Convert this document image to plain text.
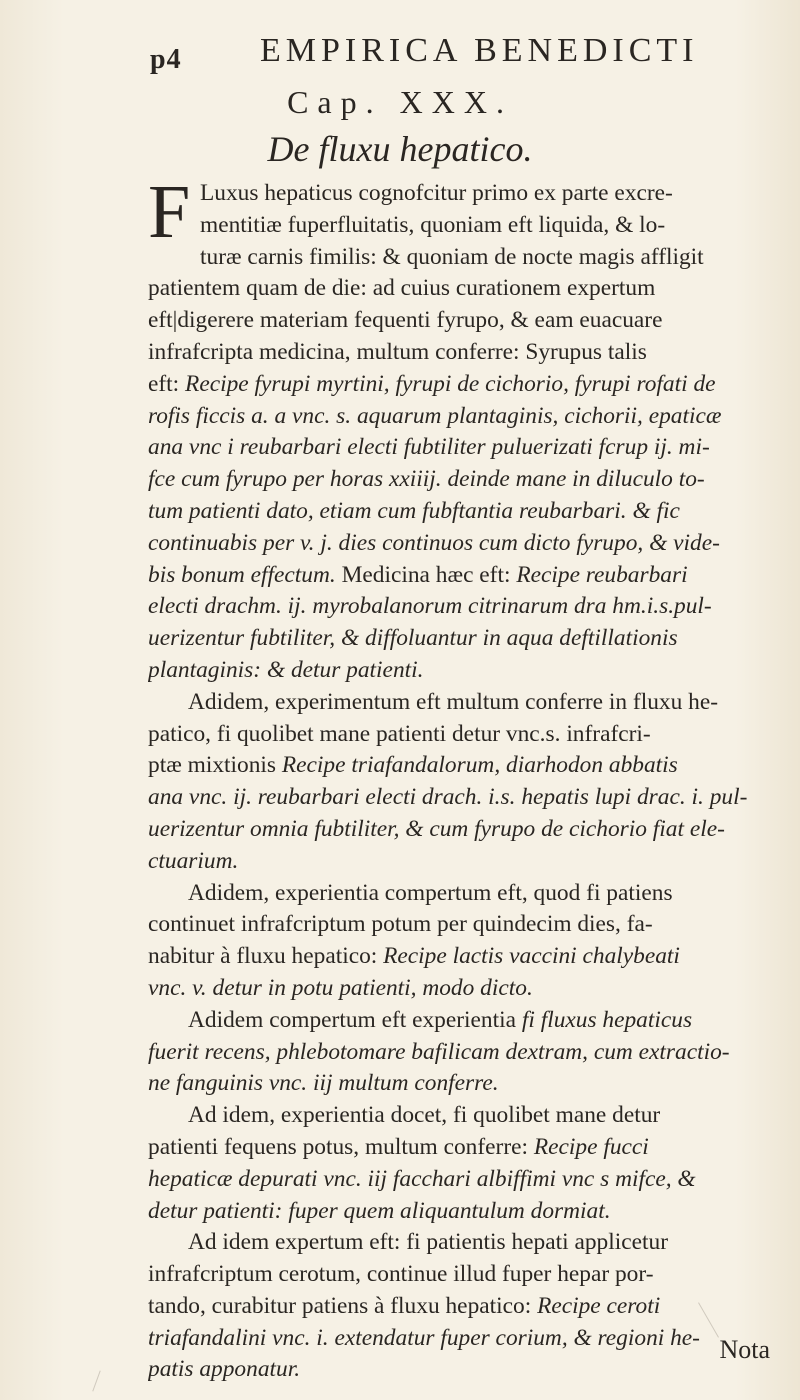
p4 EMPIRICA BENEDICTI
Cap. XXX.
De fluxu hepatico.
F Luxus hepaticus cognofcitur primo ex parte excre-
mentitiæ fuperfluitatis, quoniam eft liquida, & lo-
turæ carnis fimilis: & quoniam de nocte magis affligit
patientem quam de die: ad cuius curationem expertum
eft|digerere materiam fequenti fyrupo, & eam euacuare
infrafcripta medicina, multum conferre: Syrupus talis
eft: Recipe fyrupi myrtini, fyrupi de cichorio, fyrupi rofati de
rofis ficcis a. a vnc. s. aquarum plantaginis, cichorii, epaticæ
ana vnc i reubarbari electi fubtiliter puluerizati fcrup ij. mi-
fce cum fyrupo per horas xxiiij. deinde mane in diluculo to-
tum patienti dato, etiam cum fubftantia reubarbari. & fic
continuabis per v. j. dies continuos cum dicto fyrupo, & vide-
bis bonum effectum. Medicina hæc eft: Recipe reubarbari
electi drachm. ij. myrobalanorum citrinarum dra hm.i.s.pul-
uerizentur fubtiliter, & diffoluantur in aqua deftillationis
plantaginis: & detur patienti.
Adidem, experimentum eft multum conferre in fluxu he-
patico, fi quolibet mane patienti detur vnc.s. infrafcri-
ptæ mixtionis Recipe triafandalorum, diarhodon abbatis
ana vnc. ij. reubarbari electi drach. i.s. hepatis lupi drac. i. pul-
uerizentur omnia fubtiliter, & cum fyrupo de cichorio fiat ele-
ctuarium.
Adidem, experientia compertum eft, quod fi patiens
continuet infrafcriptum potum per quindecim dies, fa-
nabitur à fluxu hepatico: Recipe lactis vaccini chalybeati
vnc. v. detur in potu patienti, modo dicto.
Adidem compertum eft experientia fi fluxus hepaticus
fuerit recens, phlebotomare bafilicam dextram, cum extractio-
ne fanguinis vnc. iij multum conferre.
Ad idem, experientia docet, fi quolibet mane detur
patienti fequens potus, multum conferre: Recipe fucci
hepaticæ depurati vnc. iij facchari albiffimi vnc s mifce, &
detur patienti: fuper quem aliquantulum dormiat.
Ad idem expertum eft: fi patientis hepati applicetur
infrafcriptum cerotum, continue illud fuper hepar por-
tando, curabitur patiens à fluxu hepatico: Recipe ceroti
triafandalini vnc. i. extendatur fuper corium, & regioni he-
patis apponatur.
Nota
